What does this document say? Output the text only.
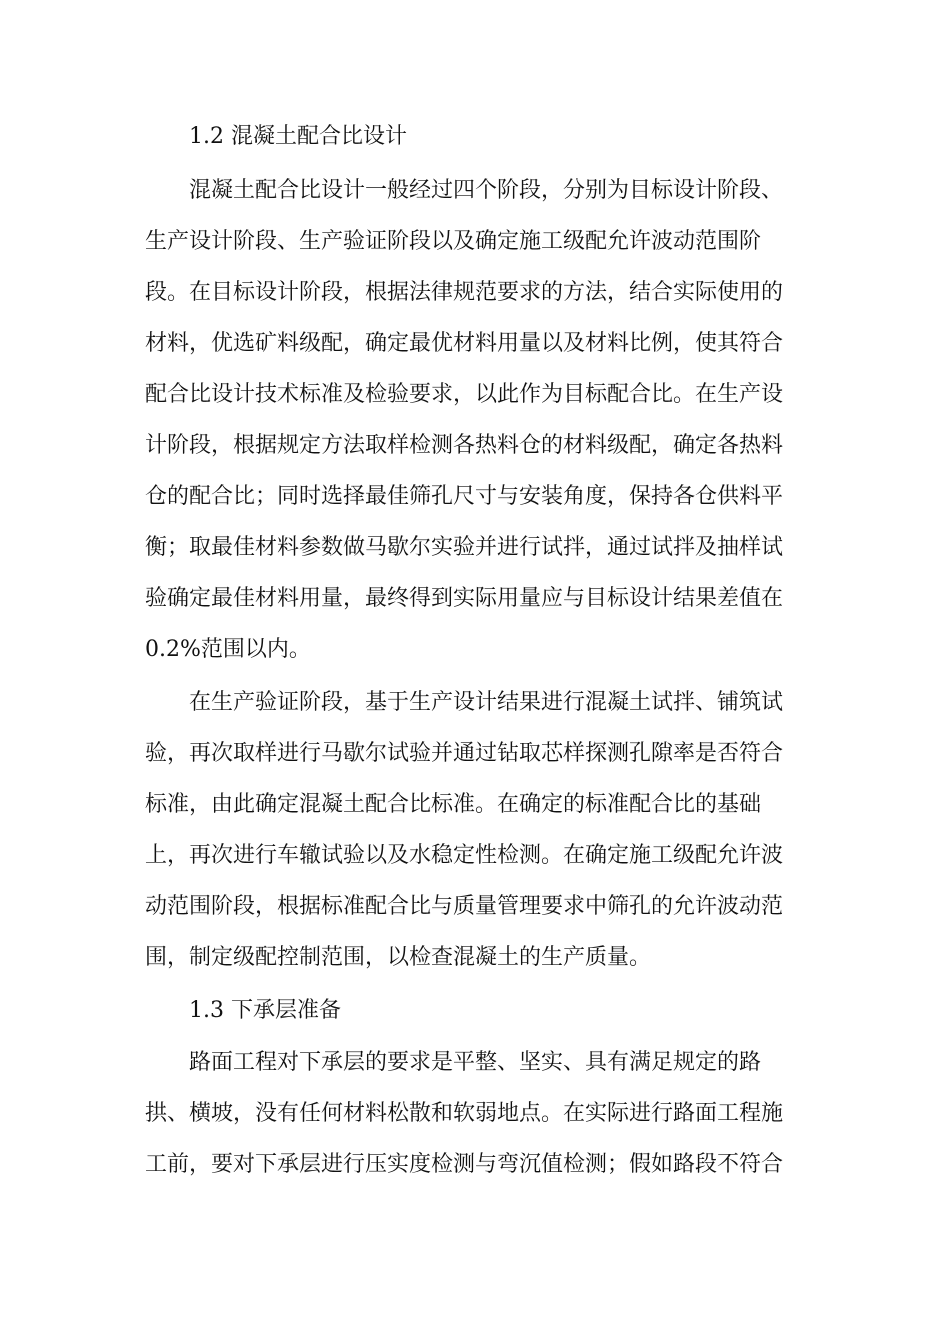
1.2 混凝土配合比设计
混凝土配合比设计一般经过四个阶段，分别为目标设计阶段、
生产设计阶段、生产验证阶段以及确定施工级配允许波动范围阶
段。在目标设计阶段，根据法律规范要求的方法，结合实际使用的
材料，优选矿料级配，确定最优材料用量以及材料比例，使其符合
配合比设计技术标准及检验要求，以此作为目标配合比。在生产设
计阶段，根据规定方法取样检测各热料仓的材料级配，确定各热料
仓的配合比；同时选择最佳筛孔尺寸与安装角度，保持各仓供料平
衡；取最佳材料参数做马歇尔实验并进行试拌，通过试拌及抽样试
验确定最佳材料用量，最终得到实际用量应与目标设计结果差值在
0.2%范围以内。
在生产验证阶段，基于生产设计结果进行混凝土试拌、铺筑试
验，再次取样进行马歇尔试验并通过钻取芯样探测孔隙率是否符合
标准，由此确定混凝土配合比标准。在确定的标准配合比的基础
上，再次进行车辙试验以及水稳定性检测。在确定施工级配允许波
动范围阶段，根据标准配合比与质量管理要求中筛孔的允许波动范
围，制定级配控制范围，以检查混凝土的生产质量。
1.3 下承层准备
路面工程对下承层的要求是平整、坚实、具有满足规定的路
拱、横坡，没有任何材料松散和软弱地点。在实际进行路面工程施
工前，要对下承层进行压实度检测与弯沉值检测；假如路段不符合
